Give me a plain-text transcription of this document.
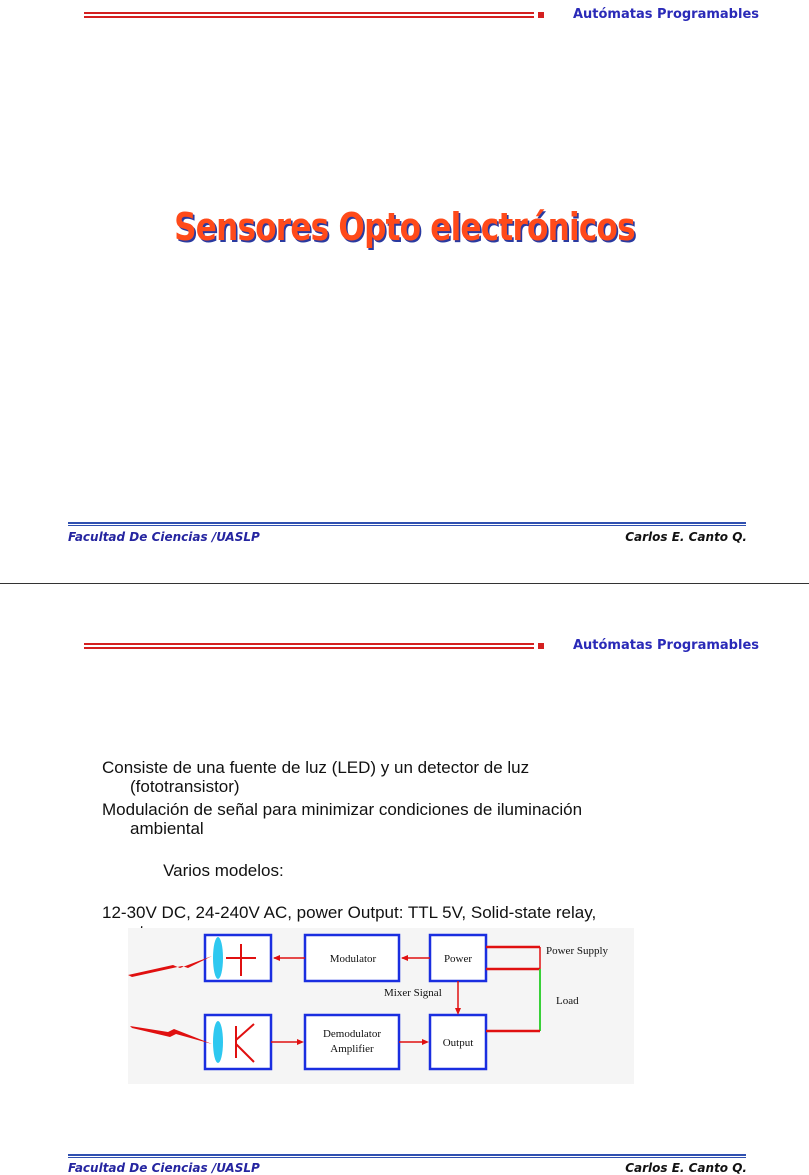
Autómatas Programables
Sensores Opto electrónicos
Facultad De Ciencias /UASLP	Carlos E. Canto Q.
Autómatas Programables
Consiste de una fuente de luz (LED) y un detector de luz
(fototransistor)
Modulación de señal para minimizar condiciones de iluminación
ambiental

Varios modelos:

12-30V DC, 24-240V AC, power Output: TTL 5V, Solid-state relay,

Modulator	Power
Power Supply
Mixer Signal
Load
Demodulator
Amplifier	Output
Facultad De Ciencias /UASLP	Carlos E. Canto Q.
